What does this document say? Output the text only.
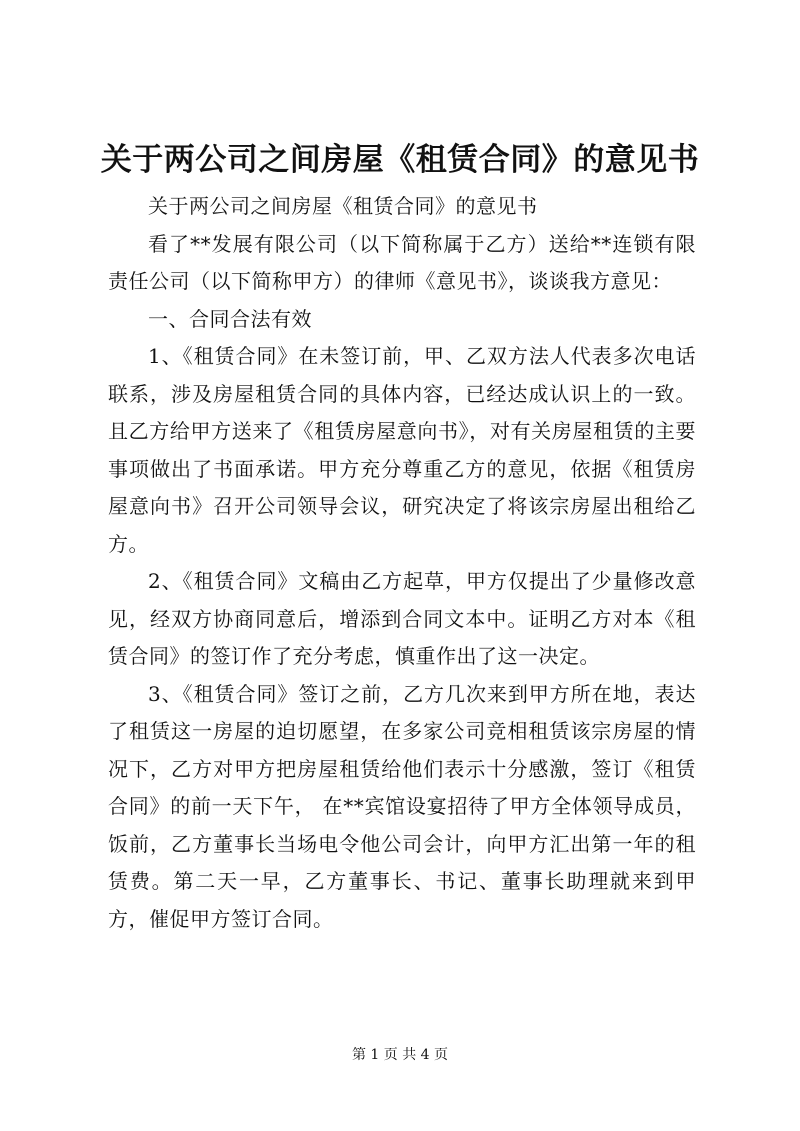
关于两公司之间房屋《租赁合同》的意见书

关于两公司之间房屋《租赁合同》的意见书

看了**发展有限公司（以下简称属于乙方）送给**连锁有限责任公司（以下简称甲方）的律师《意见书》，谈谈我方意见：

一、合同合法有效

1、《租赁合同》在未签订前，甲、乙双方法人代表多次电话联系，涉及房屋租赁合同的具体内容，已经达成认识上的一致。且乙方给甲方送来了《租赁房屋意向书》，对有关房屋租赁的主要事项做出了书面承诺。甲方充分尊重乙方的意见，依据《租赁房屋意向书》召开公司领导会议，研究决定了将该宗房屋出租给乙方。

2、《租赁合同》文稿由乙方起草，甲方仅提出了少量修改意见，经双方协商同意后，增添到合同文本中。证明乙方对本《租赁合同》的签订作了充分考虑，慎重作出了这一决定。

3、《租赁合同》签订之前，乙方几次来到甲方所在地，表达了租赁这一房屋的迫切愿望，在多家公司竞相租赁该宗房屋的情况下，乙方对甲方把房屋租赁给他们表示十分感激，签订《租赁合同》的前一天下午， 在**宾馆设宴招待了甲方全体领导成员，饭前，乙方董事长当场电令他公司会计，向甲方汇出第一年的租赁费。第二天一早，乙方董事长、书记、董事长助理就来到甲方，催促甲方签订合同。

第 1 页 共 4 页
